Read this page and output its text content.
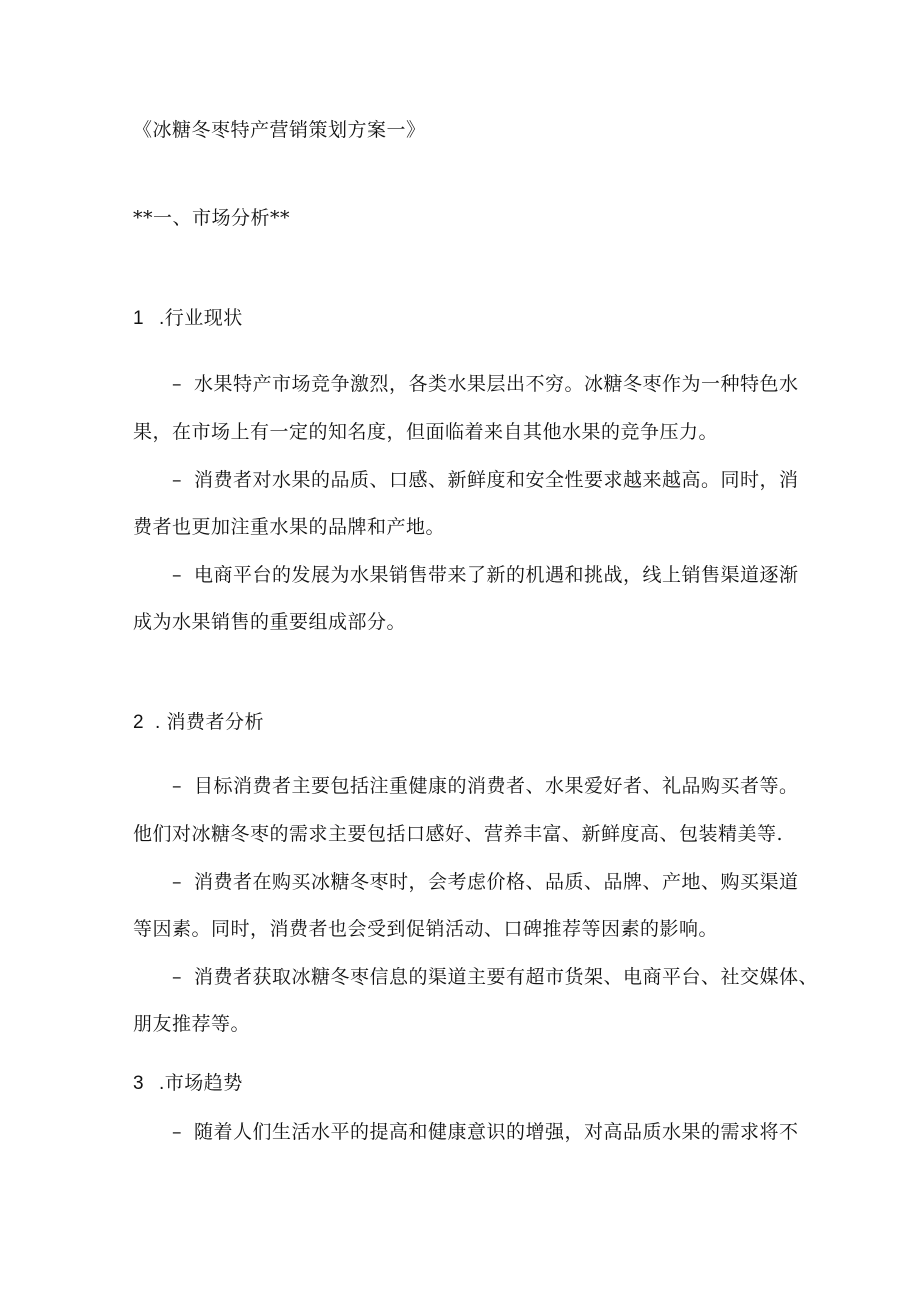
《冰糖冬枣特产营销策划方案一》
**一、市场分析**
1 .行业现状
– 水果特产市场竞争激烈，各类水果层出不穷。冰糖冬枣作为一种特色水
果，在市场上有一定的知名度，但面临着来自其他水果的竞争压力。
– 消费者对水果的品质、口感、新鲜度和安全性要求越来越高。同时，消
费者也更加注重水果的品牌和产地。
– 电商平台的发展为水果销售带来了新的机遇和挑战，线上销售渠道逐渐
成为水果销售的重要组成部分。
2 . 消费者分析
– 目标消费者主要包括注重健康的消费者、水果爱好者、礼品购买者等。
他们对冰糖冬枣的需求主要包括口感好、营养丰富、新鲜度高、包装精美等.
– 消费者在购买冰糖冬枣时，会考虑价格、品质、品牌、产地、购买渠道
等因素。同时，消费者也会受到促销活动、口碑推荐等因素的影响。
– 消费者获取冰糖冬枣信息的渠道主要有超市货架、电商平台、社交媒体、
朋友推荐等。
3 .市场趋势
– 随着人们生活水平的提高和健康意识的增强，对高品质水果的需求将不
